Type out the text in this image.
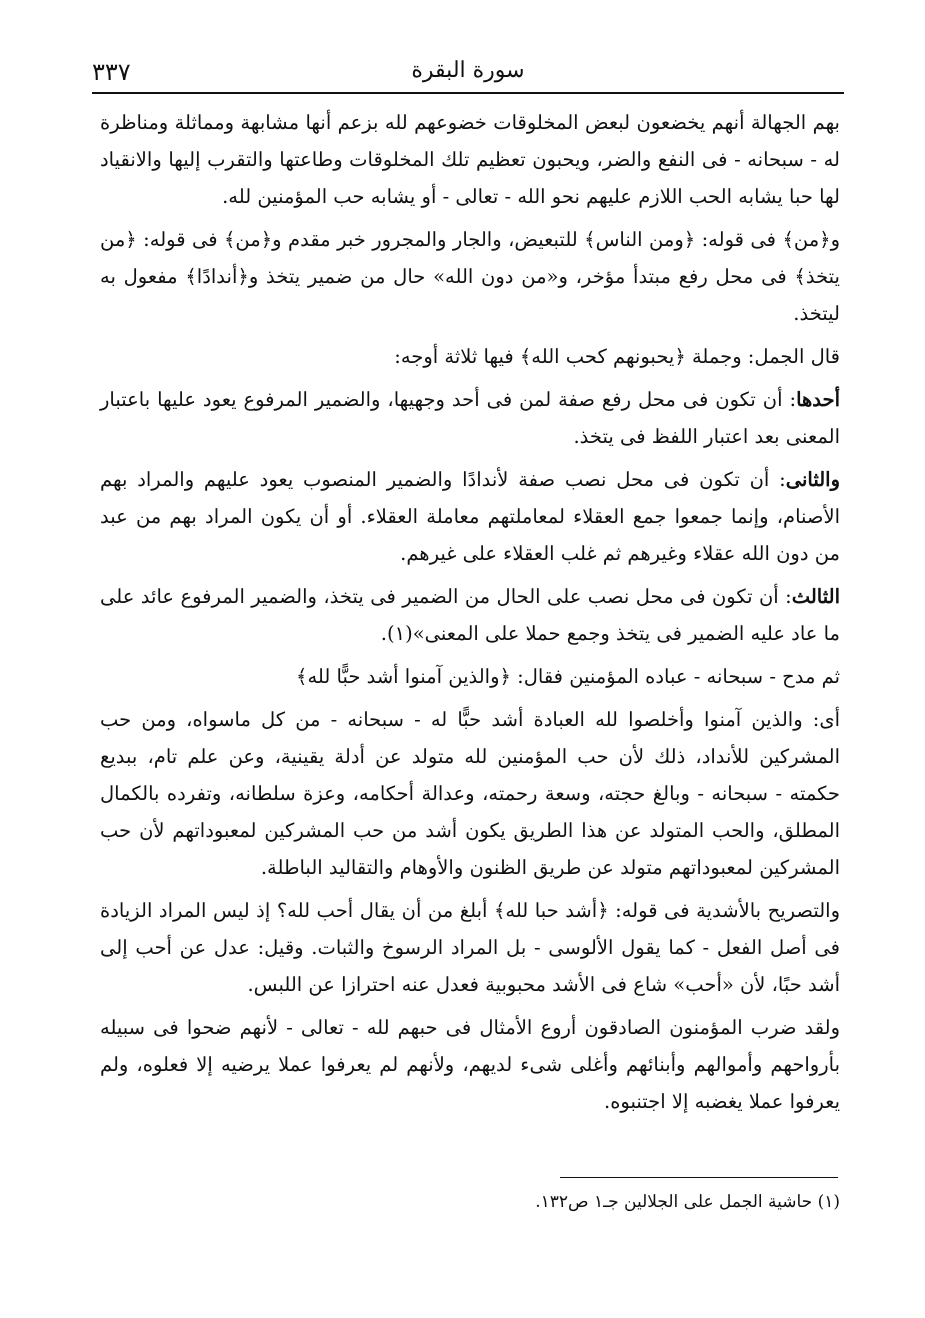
٣٣٧	سورة البقرة

بهم الجهالة أنهم يخضعون لبعض المخلوقات خضوعهم لله بزعم أنها مشابهة ومماثلة ومناظرة له - سبحانه - فى النفع والضر، ويحبون تعظيم تلك المخلوقات وطاعتها والتقرب إليها والانقياد لها حبا يشابه الحب اللازم عليهم نحو الله - تعالى - أو يشابه حب المؤمنين لله.

و﴿من﴾ فى قوله: ﴿ومن الناس﴾ للتبعيض، والجار والمجرور خبر مقدم و﴿من﴾ فى قوله: ﴿من يتخذ﴾ فى محل رفع مبتدأ مؤخر، و«من دون الله» حال من ضمير يتخذ و﴿أندادًا﴾ مفعول به ليتخذ.

قال الجمل: وجملة ﴿يحبونهم كحب الله﴾ فيها ثلاثة أوجه:

أحدها: أن تكون فى محل رفع صفة لمن فى أحد وجهيها، والضمير المرفوع يعود عليها باعتبار المعنى بعد اعتبار اللفظ فى يتخذ.

والثانى: أن تكون فى محل نصب صفة لأندادًا والضمير المنصوب يعود عليهم والمراد بهم الأصنام، وإنما جمعوا جمع العقلاء لمعاملتهم معاملة العقلاء. أو أن يكون المراد بهم من عبد من دون الله عقلاء وغيرهم ثم غلب العقلاء على غيرهم.

الثالث: أن تكون فى محل نصب على الحال من الضمير فى يتخذ، والضمير المرفوع عائد على ما عاد عليه الضمير فى يتخذ وجمع حملا على المعنى»(١).

ثم مدح - سبحانه - عباده المؤمنين فقال: ﴿والذين آمنوا أشد حبًّا لله﴾

أى: والذين آمنوا وأخلصوا لله العبادة أشد حبًّا له - سبحانه - من كل ماسواه، ومن حب المشركين للأنداد، ذلك لأن حب المؤمنين لله متولد عن أدلة يقينية، وعن علم تام، ببديع حكمته - سبحانه - وبالغ حجته، وسعة رحمته، وعدالة أحكامه، وعزة سلطانه، وتفرده بالكمال المطلق، والحب المتولد عن هذا الطريق يكون أشد من حب المشركين لمعبوداتهم لأن حب المشركين لمعبوداتهم متولد عن طريق الظنون والأوهام والتقاليد الباطلة.

والتصريح بالأشدية فى قوله: ﴿أشد حبا لله﴾ أبلغ من أن يقال أحب لله؟ إذ ليس المراد الزيادة فى أصل الفعل - كما يقول الألوسى - بل المراد الرسوخ والثبات. وقيل: عدل عن أحب إلى أشد حبًا، لأن «أحب» شاع فى الأشد محبوبية فعدل عنه احترازا عن اللبس.

ولقد ضرب المؤمنون الصادقون أروع الأمثال فى حبهم لله - تعالى - لأنهم ضحوا فى سبيله بأرواحهم وأموالهم وأبنائهم وأغلى شىء لديهم، ولأنهم لم يعرفوا عملا يرضيه إلا فعلوه، ولم يعرفوا عملا يغضبه إلا اجتنبوه.

(١) حاشية الجمل على الجلالين جـ١ ص١٣٢.
